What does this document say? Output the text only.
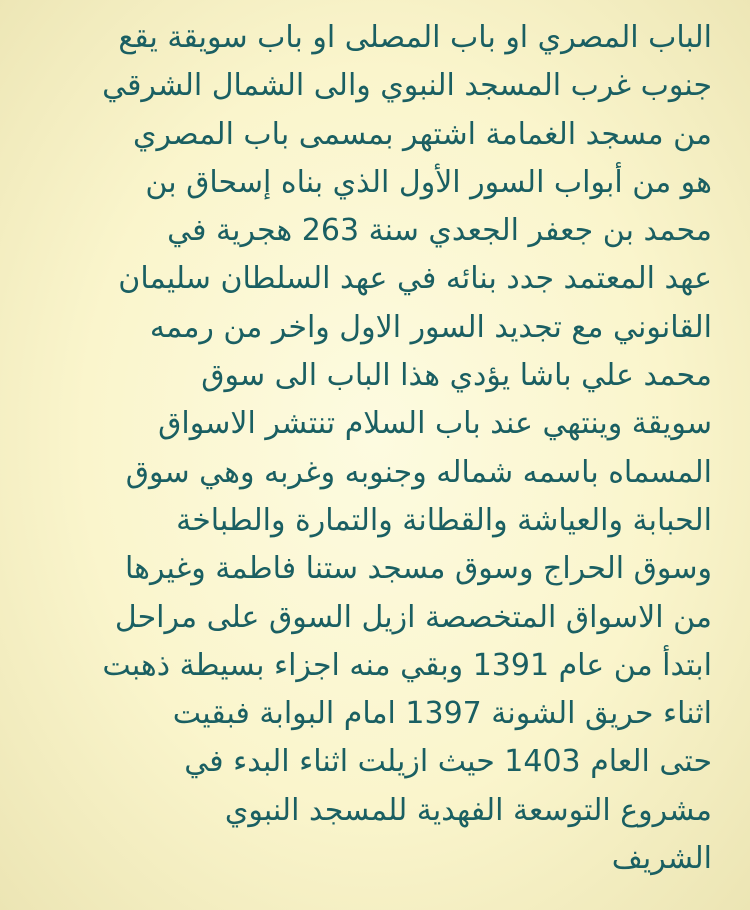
الباب المصري او باب المصلى او باب سويقة يقع
جنوب غرب المسجد النبوي والى الشمال الشرقي
من مسجد الغمامة اشتهر بمسمى باب المصري
هو من أبواب السور الأول الذي بناه إسحاق بن
محمد بن جعفر الجعدي سنة 263 هجرية في
عهد المعتمد جدد بنائه في عهد السلطان سليمان
القانوني مع تجديد السور الاول واخر من رممه
محمد علي باشا يؤدي هذا الباب الى سوق
سويقة وينتهي عند باب السلام تنتشر الاسواق
المسماه باسمه شماله وجنوبه وغربه وهي سوق
الحبابة والعياشة والقطانة والتمارة والطباخة
وسوق الحراج وسوق مسجد ستنا فاطمة وغيرها
من الاسواق المتخصصة ازيل السوق على مراحل
ابتدأ من عام 1391 وبقي منه اجزاء بسيطة ذهبت
اثناء حريق الشونة 1397 امام البوابة فبقيت
حتى العام 1403 حيث ازيلت اثناء البدء في
مشروع التوسعة الفهدية للمسجد النبوي
الشريف
